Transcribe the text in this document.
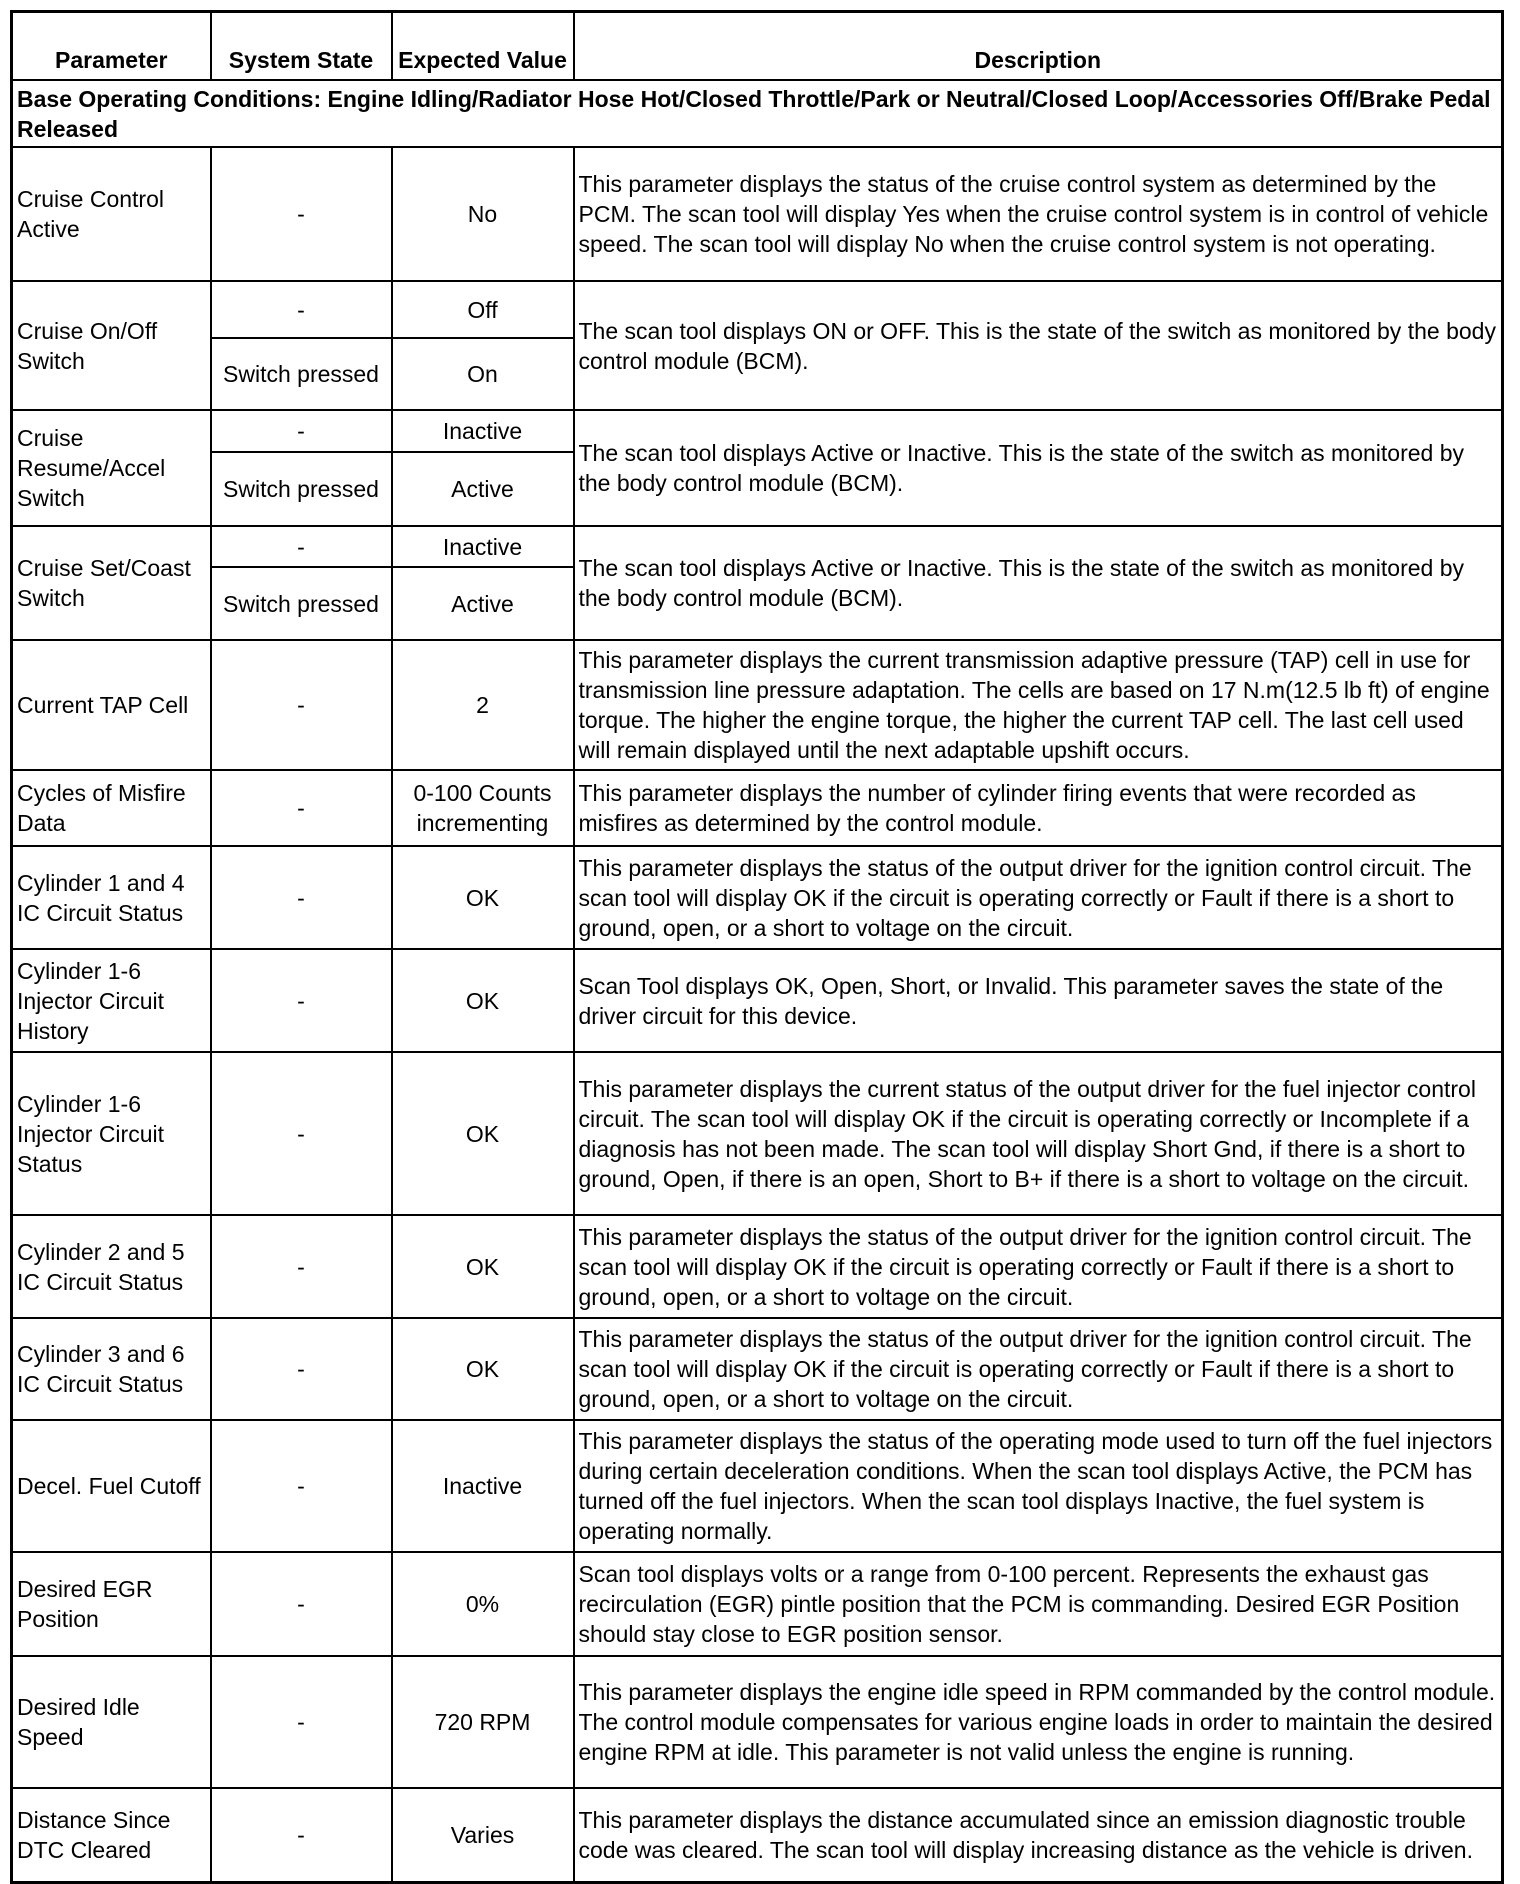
Parameter	System State	Expected Value	Description
Base Operating Conditions: Engine Idling/Radiator Hose Hot/Closed Throttle/Park or Neutral/Closed Loop/Accessories Off/Brake Pedal Released			
Cruise Control Active	-	No	This parameter displays the status of the cruise control system as determined by the PCM. The scan tool will display Yes when the cruise control system is in control of vehicle speed. The scan tool will display No when the cruise control system is not operating.
Cruise On/Off Switch	-	Off	The scan tool displays ON or OFF. This is the state of the switch as monitored by the body control module (BCM).
	Switch pressed	On	
Cruise Resume/Accel Switch	-	Inactive	The scan tool displays Active or Inactive. This is the state of the switch as monitored by the body control module (BCM).
	Switch pressed	Active	
Cruise Set/Coast Switch	-	Inactive	The scan tool displays Active or Inactive. This is the state of the switch as monitored by the body control module (BCM).
	Switch pressed	Active	
Current TAP Cell	-	2	This parameter displays the current transmission adaptive pressure (TAP) cell in use for transmission line pressure adaptation. The cells are based on 17 N.m(12.5 lb ft) of engine torque. The higher the engine torque, the higher the current TAP cell. The last cell used will remain displayed until the next adaptable upshift occurs.
Cycles of Misfire Data	-	0-100 Counts incrementing	This parameter displays the number of cylinder firing events that were recorded as misfires as determined by the control module.
Cylinder 1 and 4 IC Circuit Status	-	OK	This parameter displays the status of the output driver for the ignition control circuit. The scan tool will display OK if the circuit is operating correctly or Fault if there is a short to ground, open, or a short to voltage on the circuit.
Cylinder 1-6 Injector Circuit History	-	OK	Scan Tool displays OK, Open, Short, or Invalid. This parameter saves the state of the driver circuit for this device.
Cylinder 1-6 Injector Circuit Status	-	OK	This parameter displays the current status of the output driver for the fuel injector control circuit. The scan tool will display OK if the circuit is operating correctly or Incomplete if a diagnosis has not been made. The scan tool will display Short Gnd, if there is a short to ground, Open, if there is an open, Short to B+ if there is a short to voltage on the circuit.
Cylinder 2 and 5 IC Circuit Status	-	OK	This parameter displays the status of the output driver for the ignition control circuit. The scan tool will display OK if the circuit is operating correctly or Fault if there is a short to ground, open, or a short to voltage on the circuit.
Cylinder 3 and 6 IC Circuit Status	-	OK	This parameter displays the status of the output driver for the ignition control circuit. The scan tool will display OK if the circuit is operating correctly or Fault if there is a short to ground, open, or a short to voltage on the circuit.
Decel. Fuel Cutoff	-	Inactive	This parameter displays the status of the operating mode used to turn off the fuel injectors during certain deceleration conditions. When the scan tool displays Active, the PCM has turned off the fuel injectors. When the scan tool displays Inactive, the fuel system is operating normally.
Desired EGR Position	-	0%	Scan tool displays volts or a range from 0-100 percent. Represents the exhaust gas recirculation (EGR) pintle position that the PCM is commanding. Desired EGR Position should stay close to EGR position sensor.
Desired Idle Speed	-	720 RPM	This parameter displays the engine idle speed in RPM commanded by the control module. The control module compensates for various engine loads in order to maintain the desired engine RPM at idle. This parameter is not valid unless the engine is running.
Distance Since DTC Cleared	-	Varies	This parameter displays the distance accumulated since an emission diagnostic trouble code was cleared. The scan tool will display increasing distance as the vehicle is driven.
